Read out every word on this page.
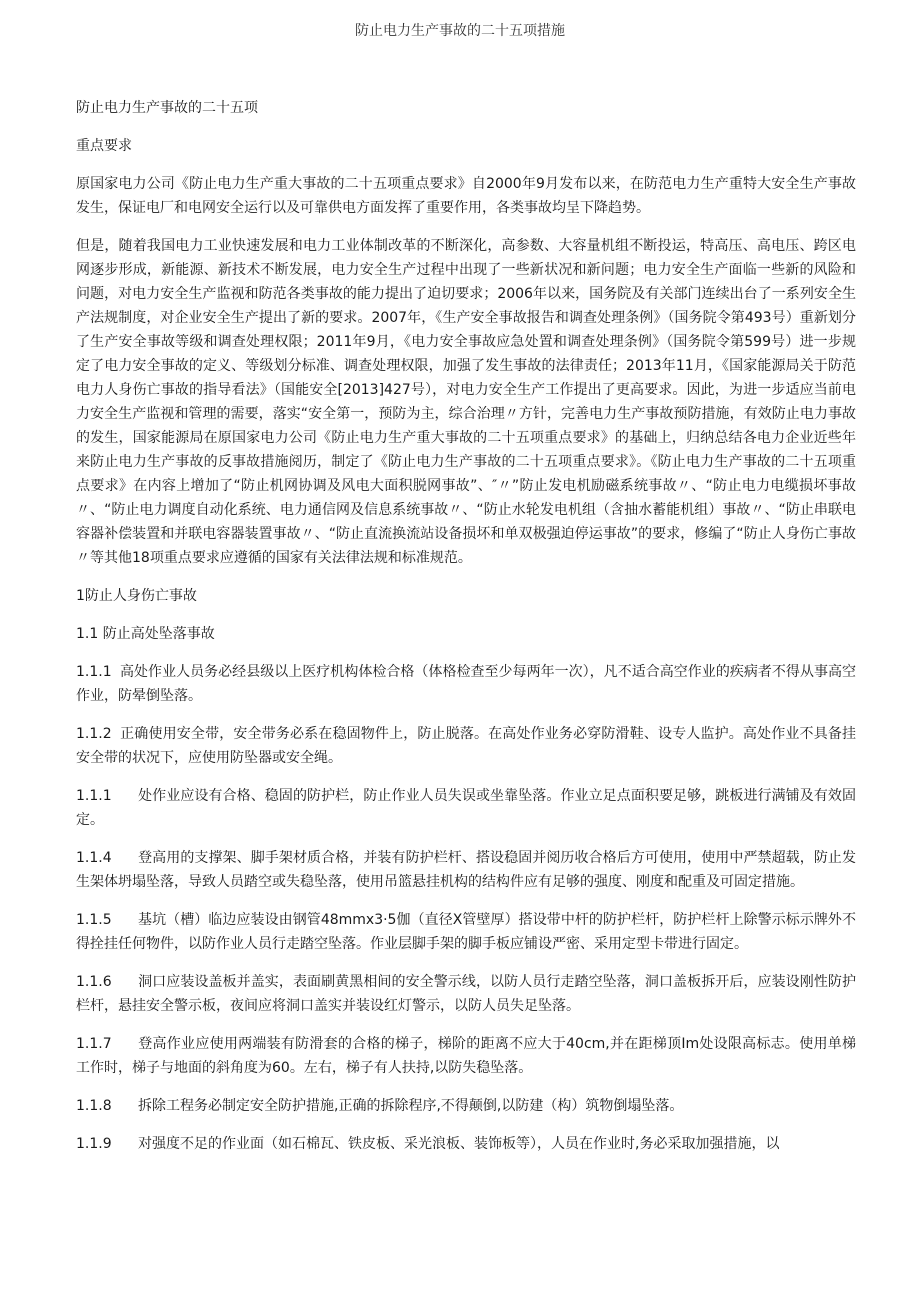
防止电力生产事故的二十五项措施

防止电力生产事故的二十五项

重点要求

原国家电力公司《防止电力生产重大事故的二十五项重点要求》自2000年9月发布以来，在防范电力生产重特大安全生产事故发生，保证电厂和电网安全运行以及可靠供电方面发挥了重要作用，各类事故均呈下降趋势。

但是，随着我国电力工业快速发展和电力工业体制改革的不断深化，高参数、大容量机组不断投运，特高压、高电压、跨区电网逐步形成，新能源、新技术不断发展，电力安全生产过程中出现了一些新状况和新问题；电力安全生产面临一些新的风险和问题，对电力安全生产监视和防范各类事故的能力提出了迫切要求；2006年以来，国务院及有关部门连续出台了一系列安全生产法规制度，对企业安全生产提出了新的要求。2007年，《生产安全事故报告和调查处理条例》（国务院令第493号）重新划分了生产安全事故等级和调查处理权限；2011年9月，《电力安全事故应急处置和调查处理条例》（国务院令第599号）进一步规定了电力安全事故的定义、等级划分标准、调查处理权限，加强了发生事故的法律责任；2013年11月，《国家能源局关于防范电力人身伤亡事故的指导看法》（国能安全[2013]427号），对电力安全生产工作提出了更高要求。因此，为进一步适应当前电力安全生产监视和管理的需要，落实“安全第一，预防为主，综合治理〃方针，完善电力生产事故预防措施，有效防止电力事故的发生，国家能源局在原国家电力公司《防止电力生产重大事故的二十五项重点要求》的基础上，归纳总结各电力企业近些年来防止电力生产事故的反事故措施阅历，制定了《防止电力生产事故的二十五项重点要求》。《防止电力生产事故的二十五项重点要求》在内容上增加了“防止机网协调及风电大面积脱网事故”、″〃”防止发电机励磁系统事故〃、“防止电力电缆损坏事故〃、“防止电力调度自动化系统、电力通信网及信息系统事故〃、“防止水轮发电机组（含抽水蓄能机组）事故〃、“防止串联电容器补偿装置和并联电容器装置事故〃、“防止直流换流站设备损坏和单双极强迫停运事故”的要求，修编了“防止人身伤亡事故〃等其他18项重点要求应遵循的国家有关法律法规和标准规范。

1防止人身伤亡事故

1.1 防止高处坠落事故

1.1.1 高处作业人员务必经县级以上医疗机构体检合格（体格检查至少每两年一次），凡不适合高空作业的疾病者不得从事高空作业，防晕倒坠落。

1.1.2 正确使用安全带，安全带务必系在稳固物件上，防止脱落。在高处作业务必穿防滑鞋、设专人监护。高处作业不具备挂安全带的状况下，应使用防坠器或安全绳。

1.1.1 处作业应设有合格、稳固的防护栏，防止作业人员失误或坐靠坠落。作业立足点面积要足够，跳板进行满铺及有效固定。

1.1.4 登高用的支撑架、脚手架材质合格，并装有防护栏杆、搭设稳固并阅历收合格后方可使用，使用中严禁超载，防止发生架体坍塌坠落，导致人员踏空或失稳坠落，使用吊篮悬挂机构的结构件应有足够的强度、刚度和配重及可固定措施。

1.1.5 基坑（槽）临边应装设由钢管48mmx3·5伽（直径X管壁厚）搭设带中杆的防护栏杆，防护栏杆上除警示标示牌外不得拴挂任何物件，以防作业人员行走踏空坠落。作业层脚手架的脚手板应铺设严密、采用定型卡带进行固定。

1.1.6 洞口应装设盖板并盖实，表面刷黄黑相间的安全警示线，以防人员行走踏空坠落，洞口盖板拆开后，应装设刚性防护栏杆，悬挂安全警示板，夜间应将洞口盖实并装设红灯警示，以防人员失足坠落。

1.1.7 登高作业应使用两端装有防滑套的合格的梯子，梯阶的距离不应大于40cm,并在距梯顶Im处设限高标志。使用单梯工作时，梯子与地面的斜角度为60。左右，梯子有人扶持,以防失稳坠落。

1.1.8 拆除工程务必制定安全防护措施,正确的拆除程序,不得颠倒,以防建（构）筑物倒塌坠落。

1.1.9 对强度不足的作业面（如石棉瓦、铁皮板、采光浪板、装饰板等），人员在作业时,务必采取加强措施，以
